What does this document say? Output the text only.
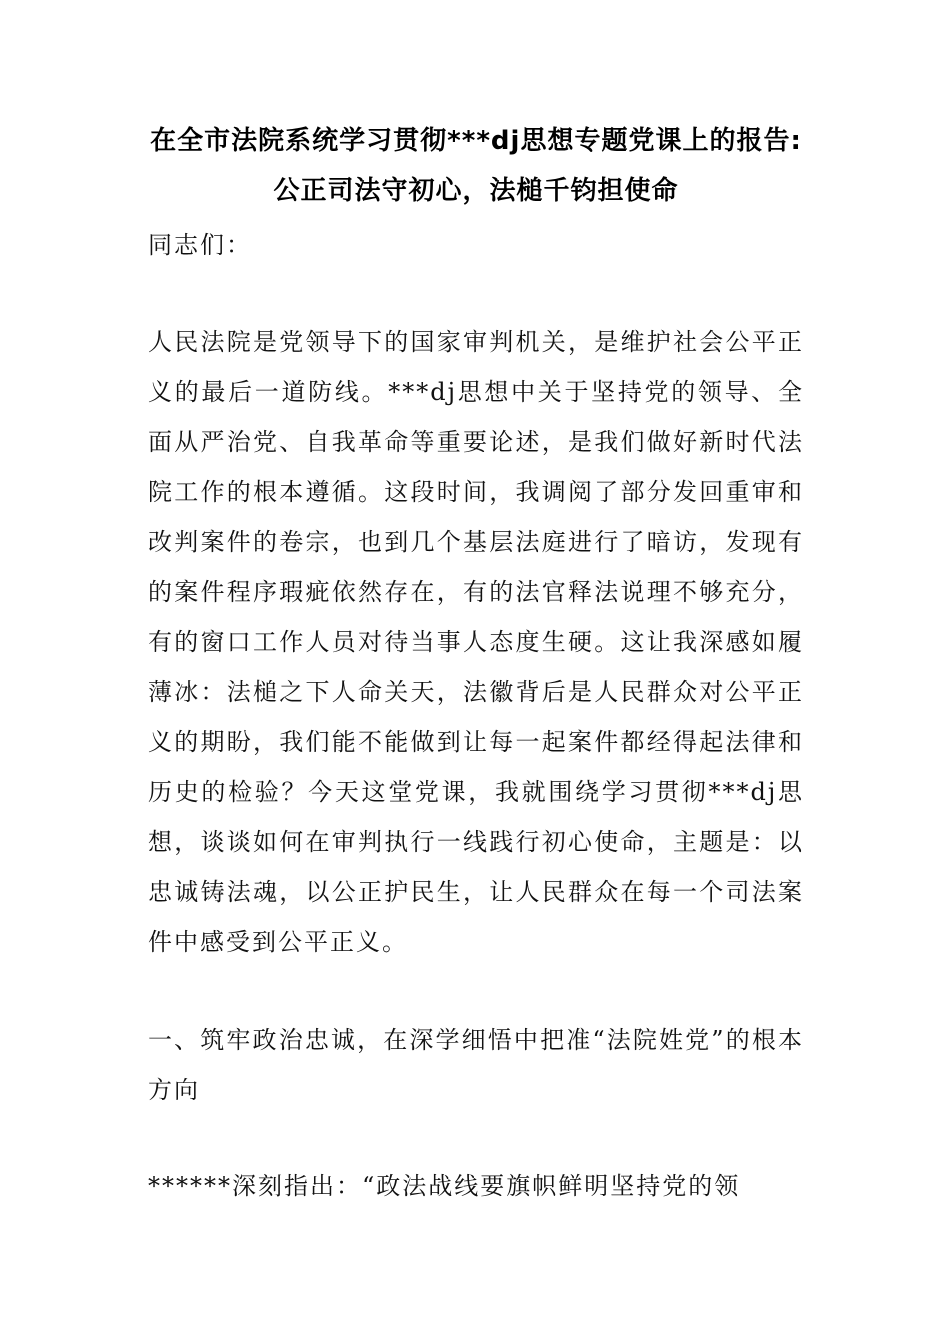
在全市法院系统学习贯彻***dj思想专题党课上的报告:公正司法守初心，法槌千钧担使命

同志们：

人民法院是党领导下的国家审判机关，是维护社会公平正义的最后一道防线。***dj思想中关于坚持党的领导、全面从严治党、自我革命等重要论述，是我们做好新时代法院工作的根本遵循。这段时间，我调阅了部分发回重审和改判案件的卷宗，也到几个基层法庭进行了暗访，发现有的案件程序瑕疵依然存在，有的法官释法说理不够充分，有的窗口工作人员对待当事人态度生硬。这让我深感如履薄冰：法槌之下人命关天，法徽背后是人民群众对公平正义的期盼，我们能不能做到让每一起案件都经得起法律和历史的检验？今天这堂党课，我就围绕学习贯彻***dj思想，谈谈如何在审判执行一线践行初心使命，主题是：以忠诚铸法魂，以公正护民生，让人民群众在每一个司法案件中感受到公平正义。

一、筑牢政治忠诚，在深学细悟中把准“法院姓党”的根本方向

******深刻指出：“政法战线要旗帜鲜明坚持党的领
